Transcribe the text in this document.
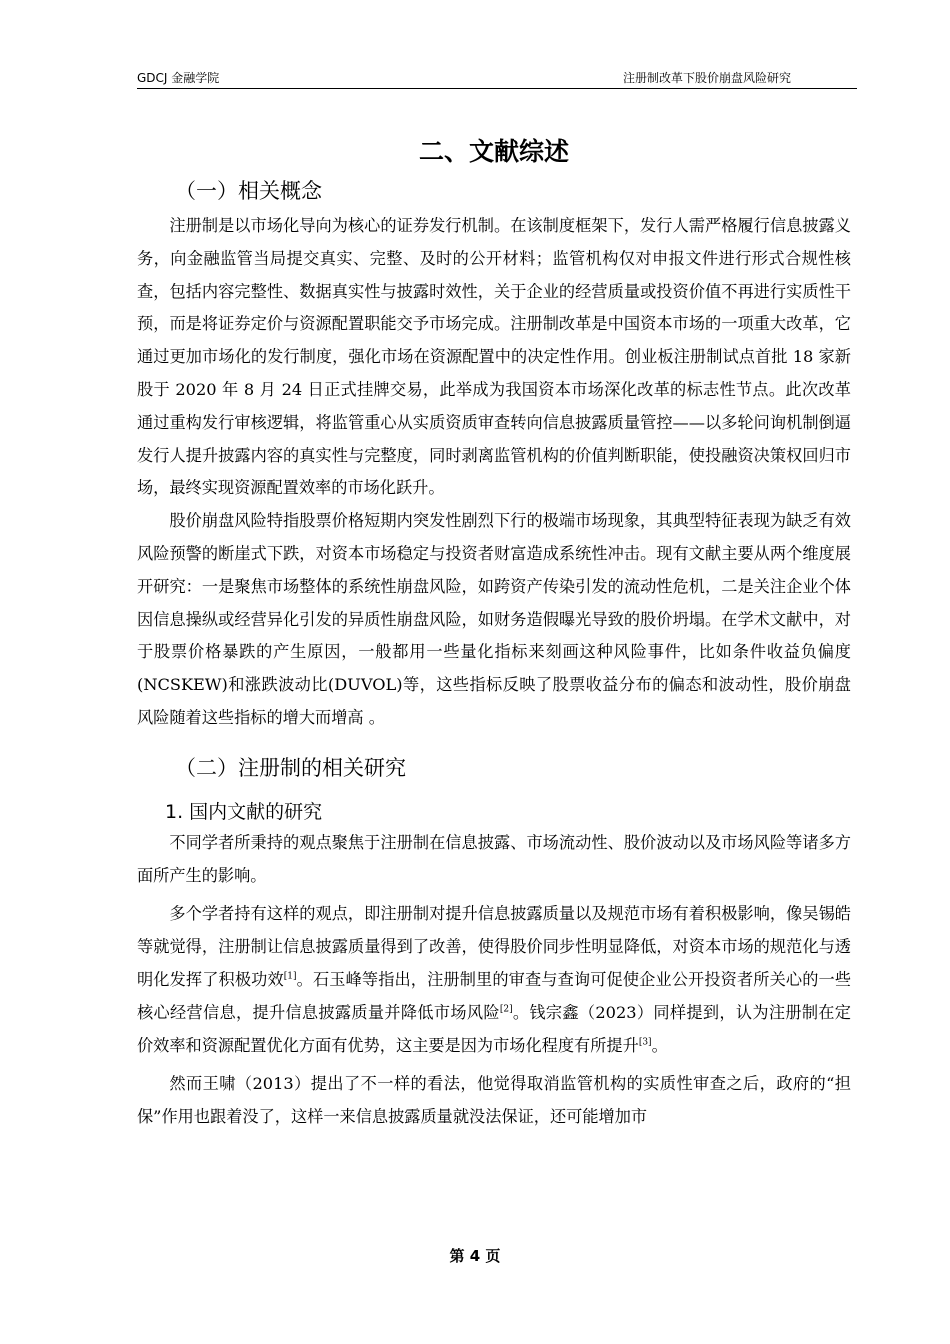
GDCJ 金融学院	注册制改革下股价崩盘风险研究
二、文献综述
（一）相关概念

注册制是以市场化导向为核心的证券发行机制。在该制度框架下，发行人需严格履行信息披露义务，向金融监管当局提交真实、完整、及时的公开材料；监管机构仅对申报文件进行形式合规性核查，包括内容完整性、数据真实性与披露时效性，关于企业的经营质量或投资价值不再进行实质性干预，而是将证券定价与资源配置职能交予市场完成。注册制改革是中国资本市场的一项重大改革，它通过更加市场化的发行制度，强化市场在资源配置中的决定性作用。创业板注册制试点首批 18 家新股于 2020 年 8 月 24 日正式挂牌交易，此举成为我国资本市场深化改革的标志性节点。此次改革通过重构发行审核逻辑，将监管重心从实质资质审查转向信息披露质量管控——以多轮问询机制倒逼发行人提升披露内容的真实性与完整度，同时剥离监管机构的价值判断职能，使投融资决策权回归市场，最终实现资源配置效率的市场化跃升。

股价崩盘风险特指股票价格短期内突发性剧烈下行的极端市场现象，其典型特征表现为缺乏有效风险预警的断崖式下跌，对资本市场稳定与投资者财富造成系统性冲击。现有文献主要从两个维度展开研究：一是聚焦市场整体的系统性崩盘风险，如跨资产传染引发的流动性危机，二是关注企业个体因信息操纵或经营异化引发的异质性崩盘风险，如财务造假曝光导致的股价坍塌。在学术文献中，对于股票价格暴跌的产生原因，一般都用一些量化指标来刻画这种风险事件，比如条件收益负偏度(NCSKEW)和涨跌波动比(DUVOL)等，这些指标反映了股票收益分布的偏态和波动性，股价崩盘风险随着这些指标的增大而增高 。

（二）注册制的相关研究
1. 国内文献的研究

不同学者所秉持的观点聚焦于注册制在信息披露、市场流动性、股价波动以及市场风险等诸多方面所产生的影响。

多个学者持有这样的观点，即注册制对提升信息披露质量以及规范市场有着积极影响，像吴锡皓等就觉得，注册制让信息披露质量得到了改善，使得股价同步性明显降低，对资本市场的规范化与透明化发挥了积极功效[1]。石玉峰等指出，注册制里的审查与查询可促使企业公开投资者所关心的一些核心经营信息，提升信息披露质量并降低市场风险[2]。钱宗鑫（2023）同样提到，认为注册制在定价效率和资源配置优化方面有优势，这主要是因为市场化程度有所提升[3]。

然而王啸（2013）提出了不一样的看法，他觉得取消监管机构的实质性审查之后，政府的“担保”作用也跟着没了，这样一来信息披露质量就没法保证，还可能增加市

第 4 页
